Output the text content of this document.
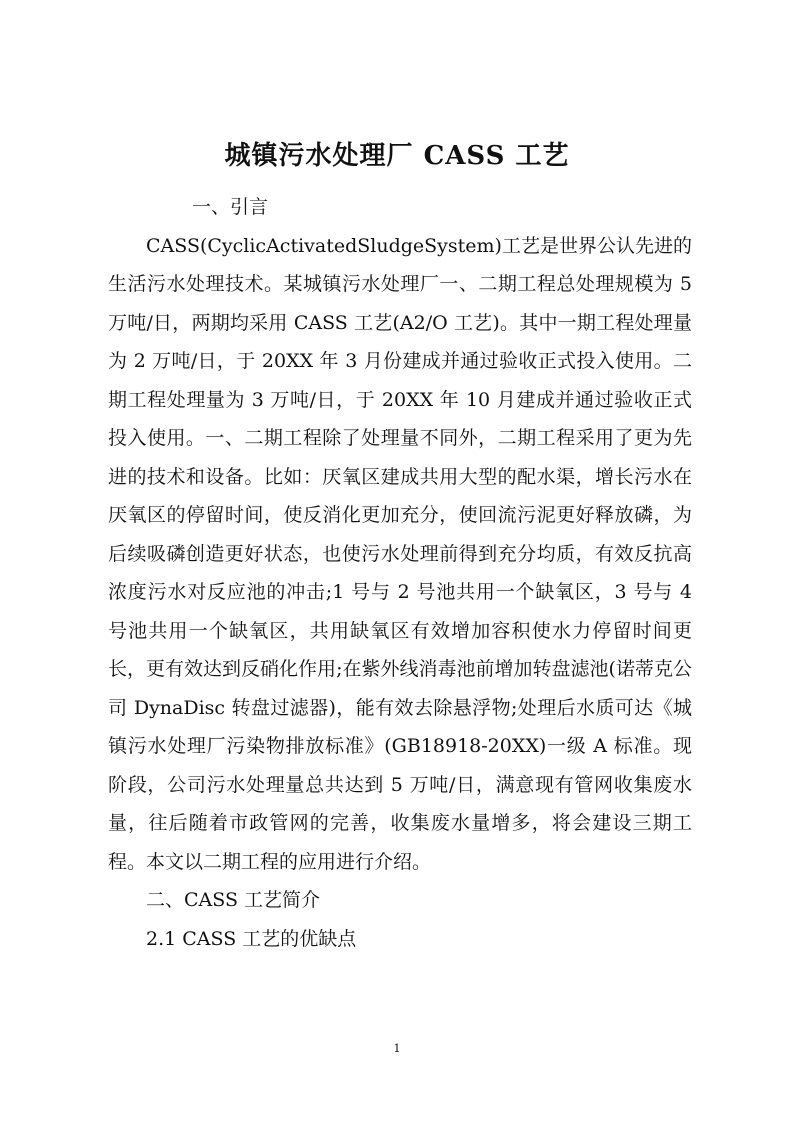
城镇污水处理厂 CASS 工艺

一、引言

CASS(CyclicActivatedSludgeSystem)工艺是世界公认先进的生活污水处理技术。某城镇污水处理厂一、二期工程总处理规模为 5 万吨/日，两期均采用 CASS 工艺(A2/O 工艺)。其中一期工程处理量为 2 万吨/日，于 20XX 年 3 月份建成并通过验收正式投入使用。二期工程处理量为 3 万吨/日，于 20XX 年 10 月建成并通过验收正式投入使用。一、二期工程除了处理量不同外，二期工程采用了更为先进的技术和设备。比如：厌氧区建成共用大型的配水渠，增长污水在厌氧区的停留时间，使反消化更加充分，使回流污泥更好释放磷，为后续吸磷创造更好状态，也使污水处理前得到充分均质，有效反抗高浓度污水对反应池的冲击;1 号与 2 号池共用一个缺氧区，3 号与 4 号池共用一个缺氧区，共用缺氧区有效增加容积使水力停留时间更长，更有效达到反硝化作用;在紫外线消毒池前增加转盘滤池(诺蒂克公司 DynaDisc 转盘过滤器)，能有效去除悬浮物;处理后水质可达《城镇污水处理厂污染物排放标准》(GB18918-20XX)一级 A 标准。现阶段，公司污水处理量总共达到 5 万吨/日，满意现有管网收集废水量，往后随着市政管网的完善，收集废水量增多，将会建设三期工程。本文以二期工程的应用进行介绍。

二、CASS 工艺简介

2.1 CASS 工艺的优缺点

1
